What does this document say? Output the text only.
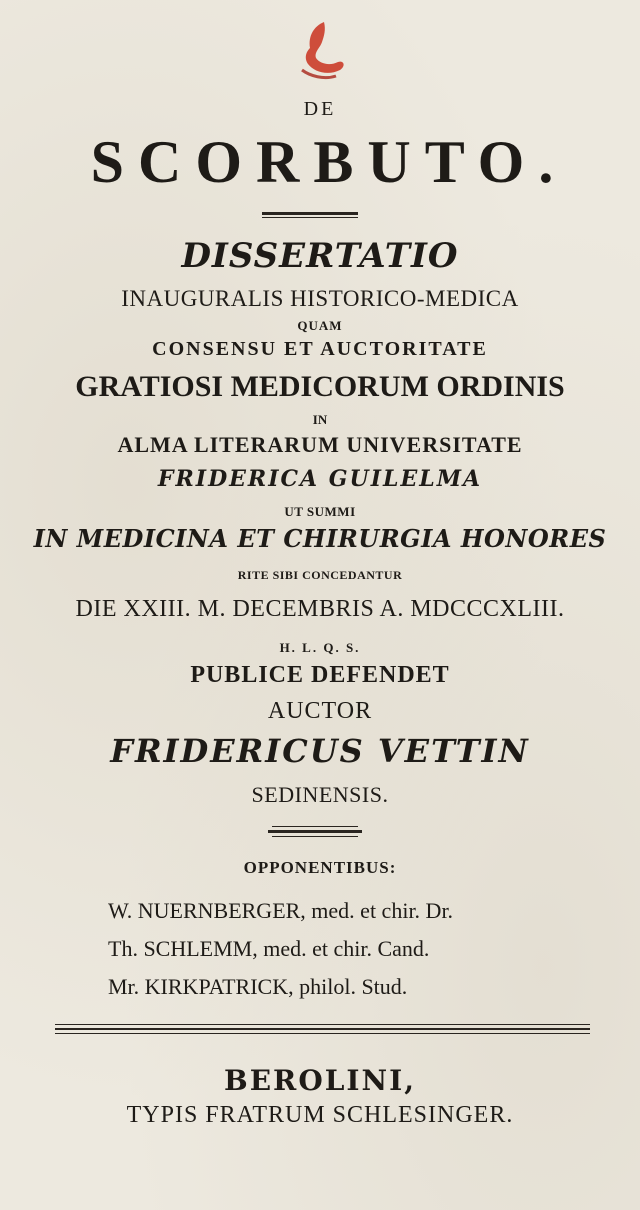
DE
SCORBUTO.
DISSERTATIO
INAUGURALIS HISTORICO-MEDICA
QUAM
CONSENSU ET AUCTORITATE
GRATIOSI MEDICORUM ORDINIS
IN
ALMA LITERARUM UNIVERSITATE
FRIDERICA GUILELMA
UT SUMMI
IN MEDICINA ET CHIRURGIA HONORES
RITE SIBI CONCEDANTUR
DIE XXIII. M. DECEMBRIS A. MDCCCXLIII.
H. L. Q. S.
PUBLICE DEFENDET
AUCTOR
FRIDERICUS VETTIN
SEDINENSIS.
OPPONENTIBUS:
W. NUERNBERGER, med. et chir. Dr.
Th. SCHLEMM, med. et chir. Cand.
Mr. KIRKPATRICK, philol. Stud.
BEROLINI,
TYPIS FRATRUM SCHLESINGER.
